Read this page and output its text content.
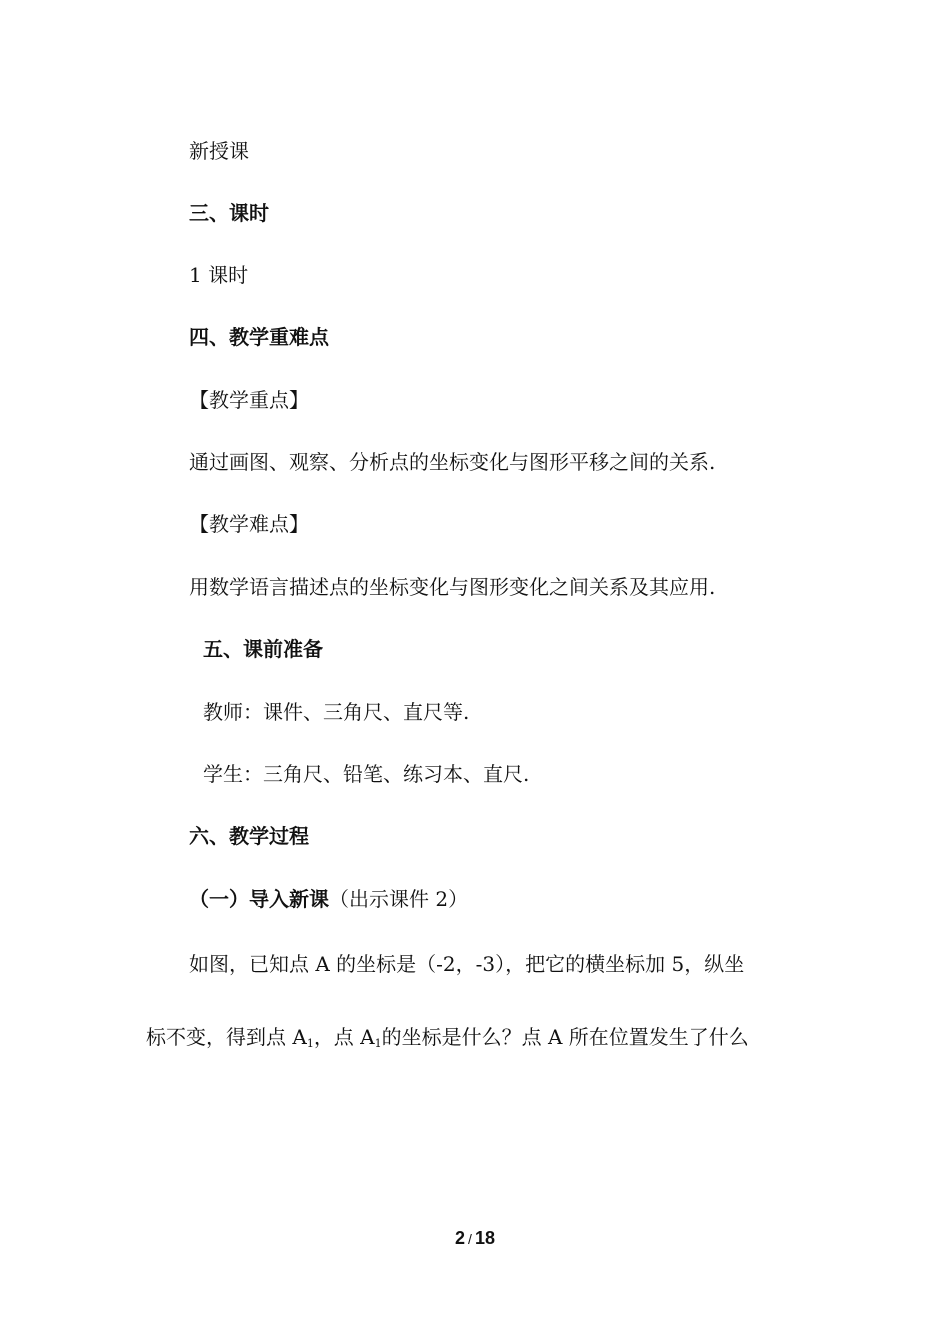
新授课
三、课时
1 课时
四、教学重难点
【教学重点】
通过画图、观察、分析点的坐标变化与图形平移之间的关系.
【教学难点】
用数学语言描述点的坐标变化与图形变化之间关系及其应用.
五、课前准备
教师：课件、三角尺、直尺等.
学生：三角尺、铅笔、练习本、直尺.
六、教学过程
（一）导入新课（出示课件 2）
如图，已知点 A 的坐标是（-2，-3），把它的横坐标加 5，纵坐
标不变，得到点 $A_1$，点 $A_1$的坐标是什么？点 A 所在位置发生了什么
2 / 18
